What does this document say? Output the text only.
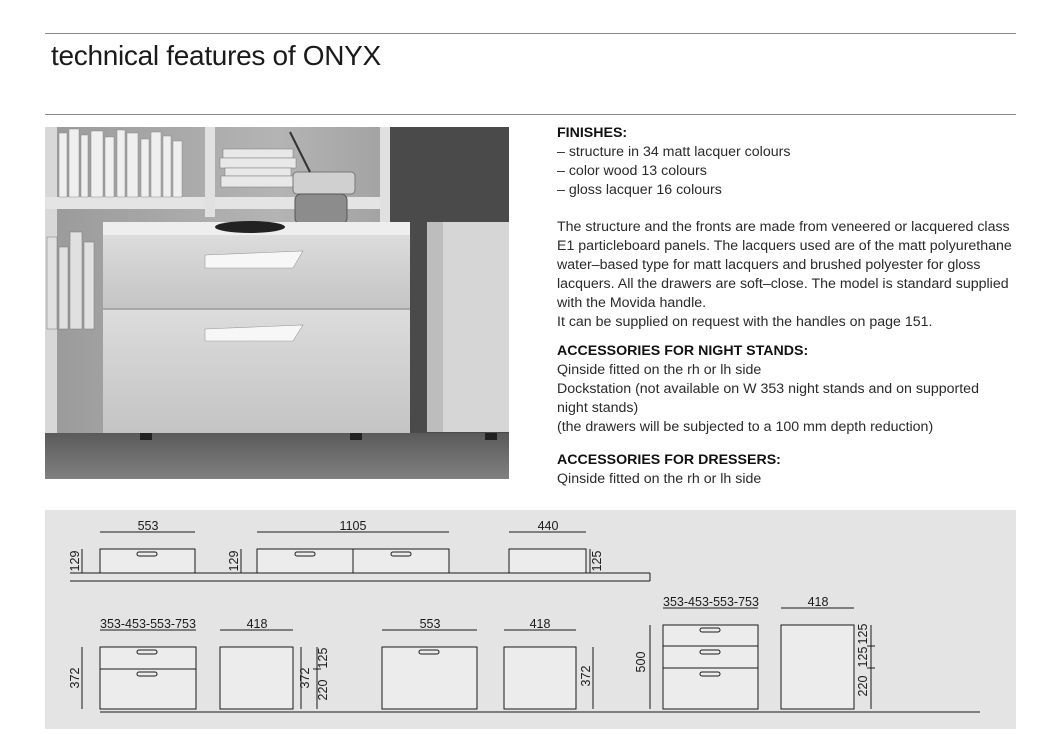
technical features of ONYX
FINISHES:
– structure in 34 matt lacquer colours
– color wood 13 colours
– gloss lacquer 16 colours
The structure and the fronts are made from veneered or lacquered class
E1 particleboard panels. The lacquers used are of the matt polyurethane
water–based type for matt lacquers and brushed polyester for gloss
lacquers. All the drawers are soft–close. The model is standard supplied
with the Movida handle.
It can be supplied on request with the handles on page 151.
ACCESSORIES FOR NIGHT STANDS:
Qinside fitted on the rh or lh side
Dockstation (not available on W 353 night stands and on supported
night stands)
(the drawers will be subjected to a 100 mm depth reduction)
ACCESSORIES FOR DRESSERS:
Qinside fitted on the rh or lh side
553
129
1105
129
440
125
353-453-553-753
372
418
372
220
125
553	418
372
353-453-553-753
500
418
220
125
125
